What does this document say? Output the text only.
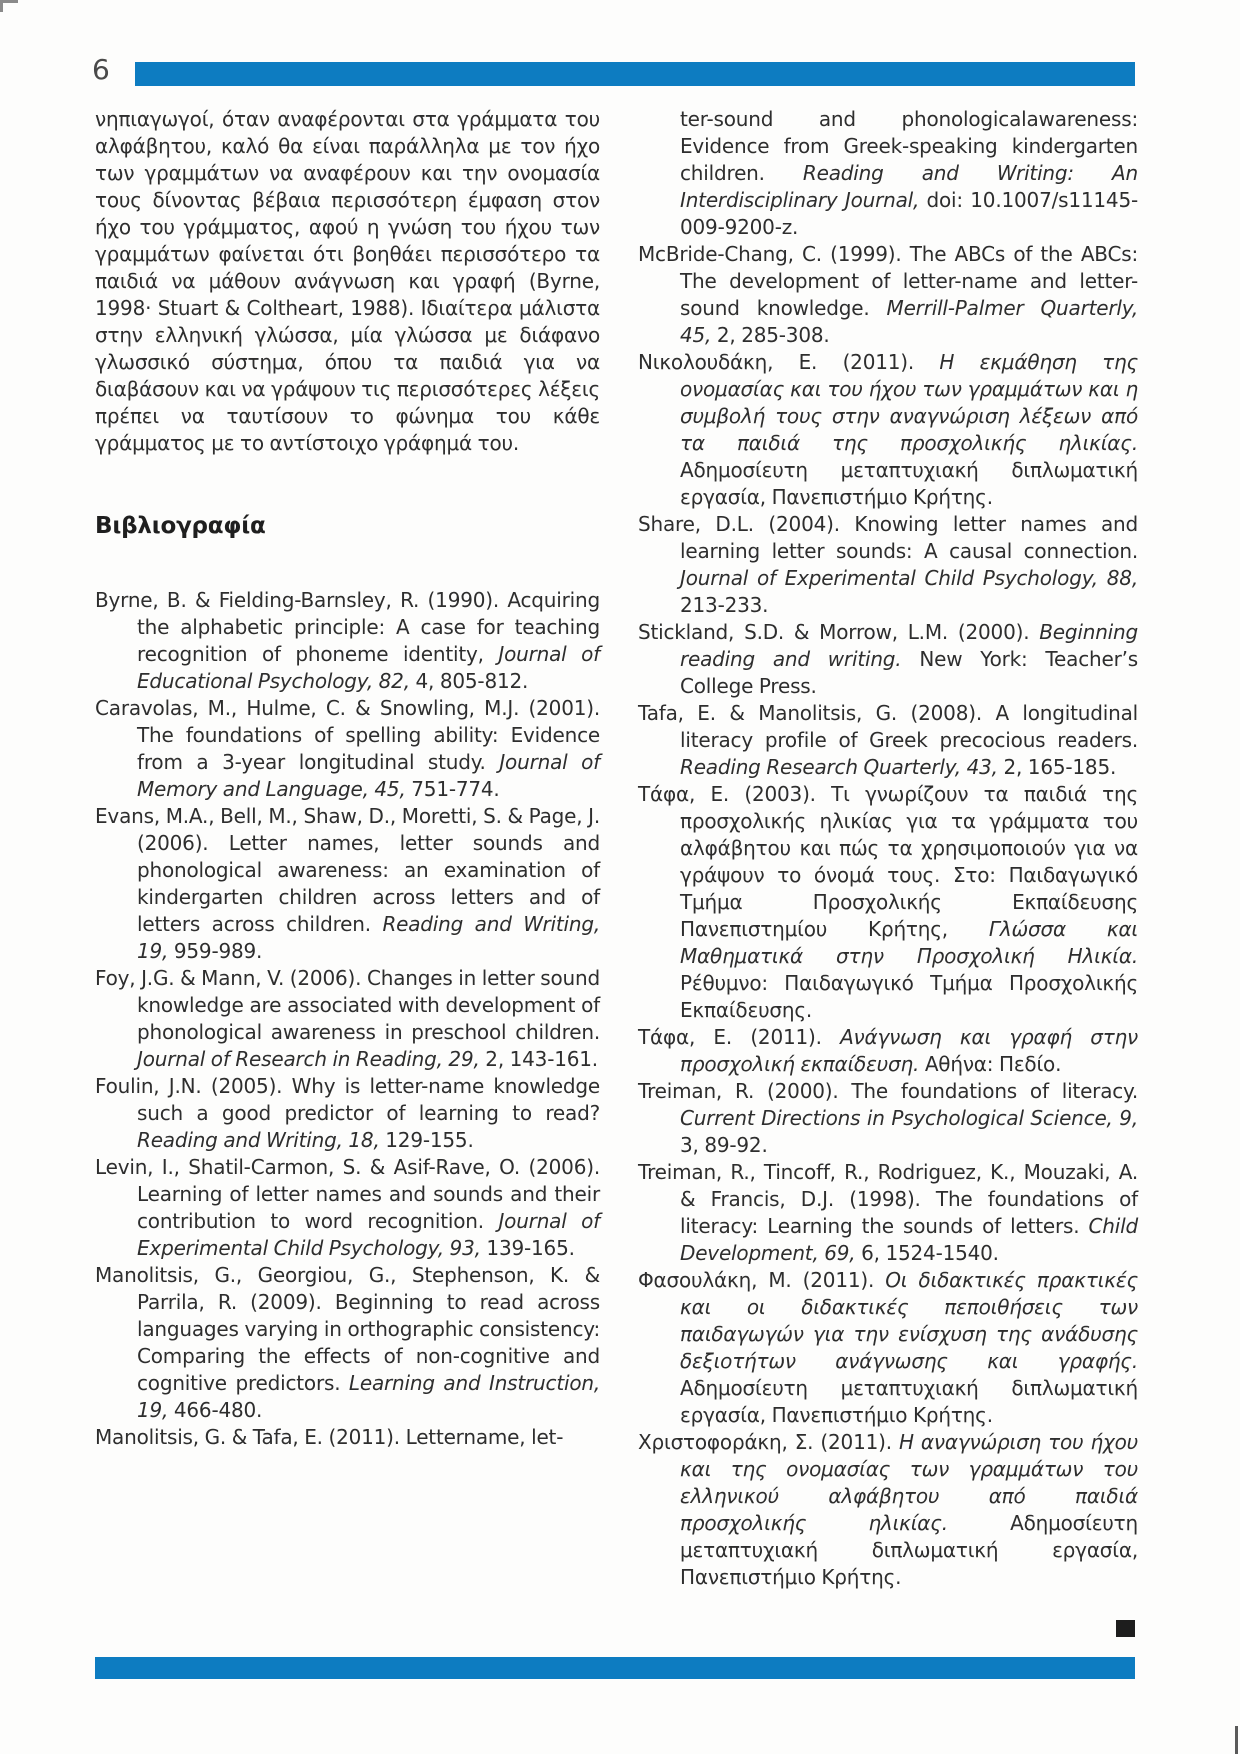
6

νηπιαγωγοί, όταν αναφέρονται στα γράμματα του αλφάβητου, καλό θα είναι παράλληλα με τον ήχο των γραμμάτων να αναφέρουν και την ονομασία τους δίνοντας βέβαια περισσότερη έμφαση στον ήχο του γράμματος, αφού η γνώση του ήχου των γραμμάτων φαίνεται ότι βοηθάει περισσότερο τα παιδιά να μάθουν ανάγνωση και γραφή (Byrne, 1998· Stuart & Coltheart, 1988). Ιδιαίτερα μάλιστα στην ελληνική γλώσσα, μία γλώσσα με διάφανο γλωσσικό σύστημα, όπου τα παιδιά για να διαβάσουν και να γράψουν τις περισσότερες λέξεις πρέπει να ταυτίσουν το φώνημα του κάθε γράμματος με το αντίστοιχο γράφημά του.

Βιβλιογραφία

Byrne, B. & Fielding-Barnsley, R. (1990). Acquiring the alphabetic principle: A case for teaching recognition of phoneme identity, Journal of Educational Psychology, 82, 4, 805-812.

Caravolas, M., Hulme, C. & Snowling, M.J. (2001). The foundations of spelling ability: Evidence from a 3-year longitudinal study. Journal of Memory and Language, 45, 751-774.

Evans, M.A., Bell, M., Shaw, D., Moretti, S. & Page, J. (2006). Letter names, letter sounds and phonological awareness: an examination of kindergarten children across letters and of letters across children. Reading and Writing, 19, 959-989.

Foy, J.G. & Mann, V. (2006). Changes in letter sound knowledge are associated with development of phonological awareness in preschool children. Journal of Research in Reading, 29, 2, 143-161.

Foulin, J.N. (2005). Why is letter-name knowledge such a good predictor of learning to read? Reading and Writing, 18, 129-155.

Levin, I., Shatil-Carmon, S. & Asif-Rave, O. (2006). Learning of letter names and sounds and their contribution to word recognition. Journal of Experimental Child Psychology, 93, 139-165.

Manolitsis, G., Georgiou, G., Stephenson, K. & Parrila, R. (2009). Beginning to read across languages varying in orthographic consistency: Comparing the effects of non-cognitive and cognitive predictors. Learning and Instruction, 19, 466-480.

Manolitsis, G. & Tafa, E. (2011). Lettername, let-

ter-sound and phonologicalawareness: Evidence from Greek-speaking kindergarten children. Reading and Writing: An Interdisciplinary Journal, doi: 10.1007/s11145-009-9200-z.

McBride-Chang, C. (1999). The ABCs of the ABCs: The development of letter-name and letter-sound knowledge. Merrill-Palmer Quarterly, 45, 2, 285-308.

Νικολουδάκη, Ε. (2011). Η εκμάθηση της ονομασίας και του ήχου των γραμμάτων και η συμβολή τους στην αναγνώριση λέξεων από τα παιδιά της προσχολικής ηλικίας. Αδημοσίευτη μεταπτυχιακή διπλωματική εργασία, Πανεπιστήμιο Κρήτης.

Share, D.L. (2004). Knowing letter names and learning letter sounds: A causal connection. Journal of Experimental Child Psychology, 88, 213-233.

Stickland, S.D. & Morrow, L.M. (2000). Beginning reading and writing. New York: Teacher’s College Press.

Tafa, E. & Manolitsis, G. (2008). A longitudinal literacy profile of Greek precocious readers. Reading Research Quarterly, 43, 2, 165-185.

Τάφα, Ε. (2003). Τι γνωρίζουν τα παιδιά της προσχολικής ηλικίας για τα γράμματα του αλφάβητου και πώς τα χρησιμοποιούν για να γράψουν το όνομά τους. Στο: Παιδαγωγικό Τμήμα Προσχολικής Εκπαίδευσης Πανεπιστημίου Κρήτης, Γλώσσα και Μαθηματικά στην Προσχολική Ηλικία. Ρέθυμνο: Παιδαγωγικό Τμήμα Προσχολικής Εκπαίδευσης.

Τάφα, Ε. (2011). Ανάγνωση και γραφή στην προσχολική εκπαίδευση. Αθήνα: Πεδίο.

Treiman, R. (2000). The foundations of literacy. Current Directions in Psychological Science, 9, 3, 89-92.

Treiman, R., Tincoff, R., Rodriguez, K., Mouzaki, A. & Francis, D.J. (1998). The foundations of literacy: Learning the sounds of letters. Child Development, 69, 6, 1524-1540.

Φασουλάκη, Μ. (2011). Οι διδακτικές πρακτικές και οι διδακτικές πεποιθήσεις των παιδαγωγών για την ενίσχυση της ανάδυσης δεξιοτήτων ανάγνωσης και γραφής. Αδημοσίευτη μεταπτυχιακή διπλωματική εργασία, Πανεπιστήμιο Κρήτης.

Χριστοφοράκη, Σ. (2011). Η αναγνώριση του ήχου και της ονομασίας των γραμμάτων του ελληνικού αλφάβητου από παιδιά προσχολικής ηλικίας. Αδημοσίευτη μεταπτυχιακή διπλωματική εργασία, Πανεπιστήμιο Κρήτης.
